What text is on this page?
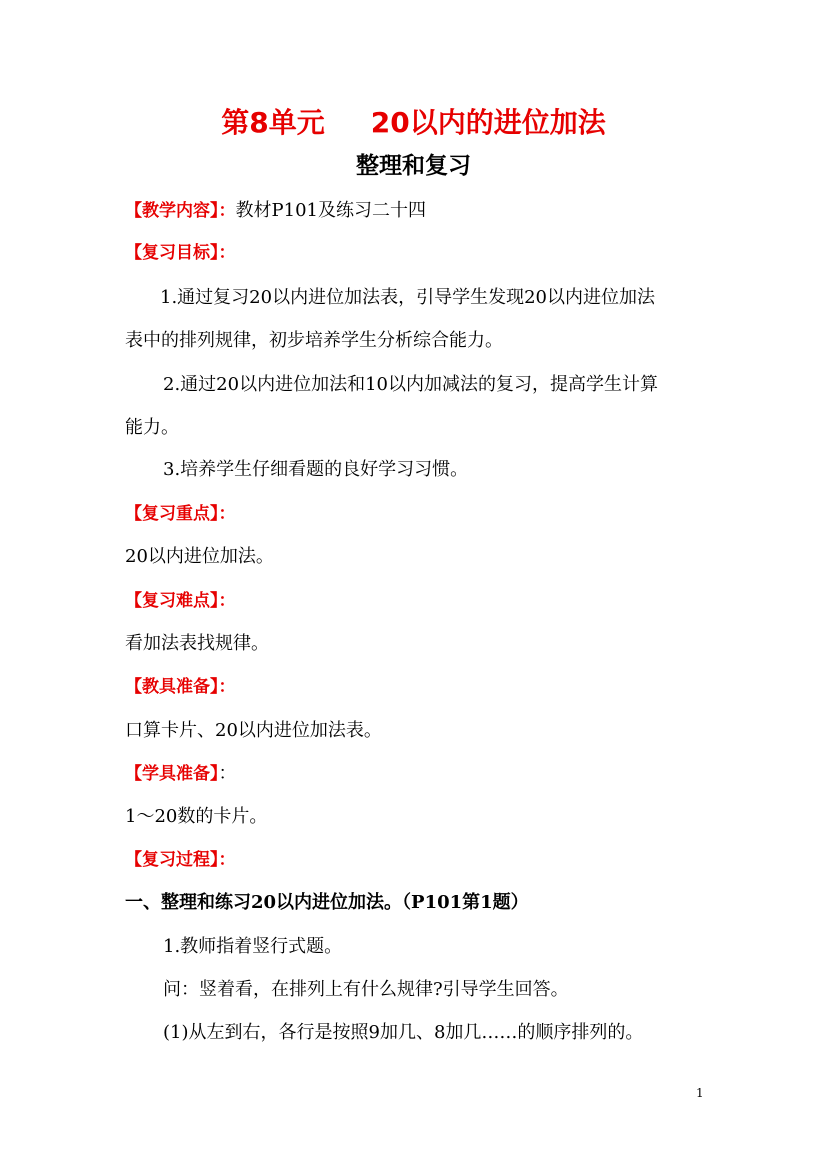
第8单元 20以内的进位加法
整理和复习
【教学内容】：教材P101及练习二十四
【复习目标】：
1.通过复习20以内进位加法表，引导学生发现20以内进位加法
表中的排列规律，初步培养学生分析综合能力。
2.通过20以内进位加法和10以内加减法的复习，提高学生计算
能力。
3.培养学生仔细看题的良好学习习惯。
【复习重点】：
20以内进位加法。
【复习难点】：
看加法表找规律。
【教具准备】：
口算卡片、20以内进位加法表。
【学具准备】：
1～20数的卡片。
【复习过程】：
一、整理和练习20以内进位加法。（P101第1题）
1.教师指着竖行式题。
问：竖着看，在排列上有什么规律?引导学生回答。
(1)从左到右，各行是按照9加几、8加几……的顺序排列的。
1
